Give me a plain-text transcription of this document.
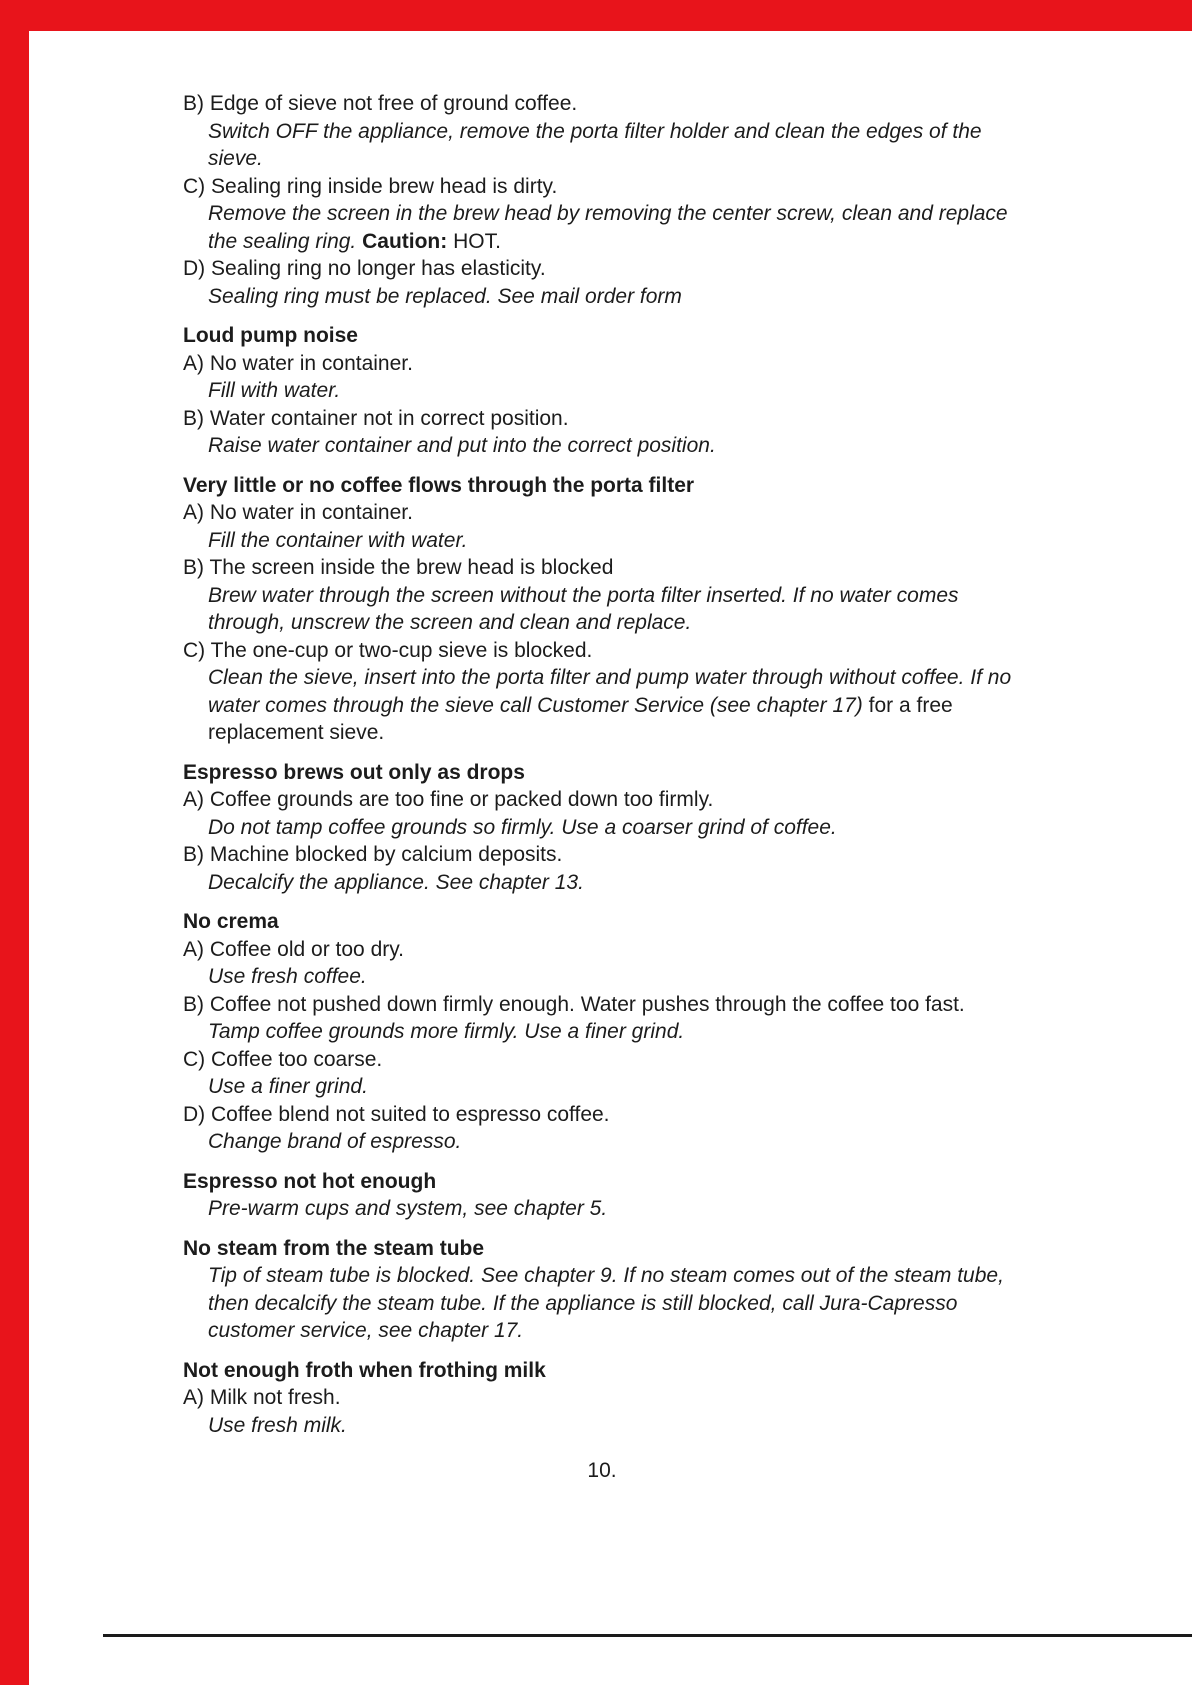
B) Edge of sieve not free of ground coffee.
Switch OFF the appliance, remove the porta filter holder and clean the edges of the sieve.
C) Sealing ring inside brew head is dirty.
Remove the screen in the brew head by removing the center screw, clean and replace the sealing ring. Caution: HOT.
D) Sealing ring no longer has elasticity.
Sealing ring must be replaced. See mail order form
Loud pump noise
A) No water in container.
Fill with water.
B) Water container not in correct position.
Raise water container and put into the correct position.
Very little or no coffee flows through the porta filter
A) No water in container.
Fill the container with water.
B) The screen inside the brew head is blocked
Brew water through the screen without the porta filter inserted. If no water comes through, unscrew the screen and clean and replace.
C) The one-cup or two-cup sieve is blocked.
Clean the sieve, insert into the porta filter and pump water through without coffee. If no water comes through the sieve call Customer Service (see chapter 17) for a free replacement sieve.
Espresso brews out only as drops
A) Coffee grounds are too fine or packed down too firmly.
Do not tamp coffee grounds so firmly. Use a coarser grind of coffee.
B) Machine blocked by calcium deposits.
Decalcify the appliance. See chapter 13.
No crema
A) Coffee old or too dry.
Use fresh coffee.
B) Coffee not pushed down firmly enough. Water pushes through the coffee too fast.
Tamp coffee grounds more firmly. Use a finer grind.
C) Coffee too coarse.
Use a finer grind.
D) Coffee blend not suited to espresso coffee.
Change brand of espresso.
Espresso not hot enough
Pre-warm cups and system, see chapter 5.
No steam from the steam tube
Tip of steam tube is blocked. See chapter 9. If no steam comes out of the steam tube, then decalcify the steam tube. If the appliance is still blocked, call Jura-Capresso customer service, see chapter 17.
Not enough froth when frothing milk
A) Milk not fresh.
Use fresh milk.
10.
